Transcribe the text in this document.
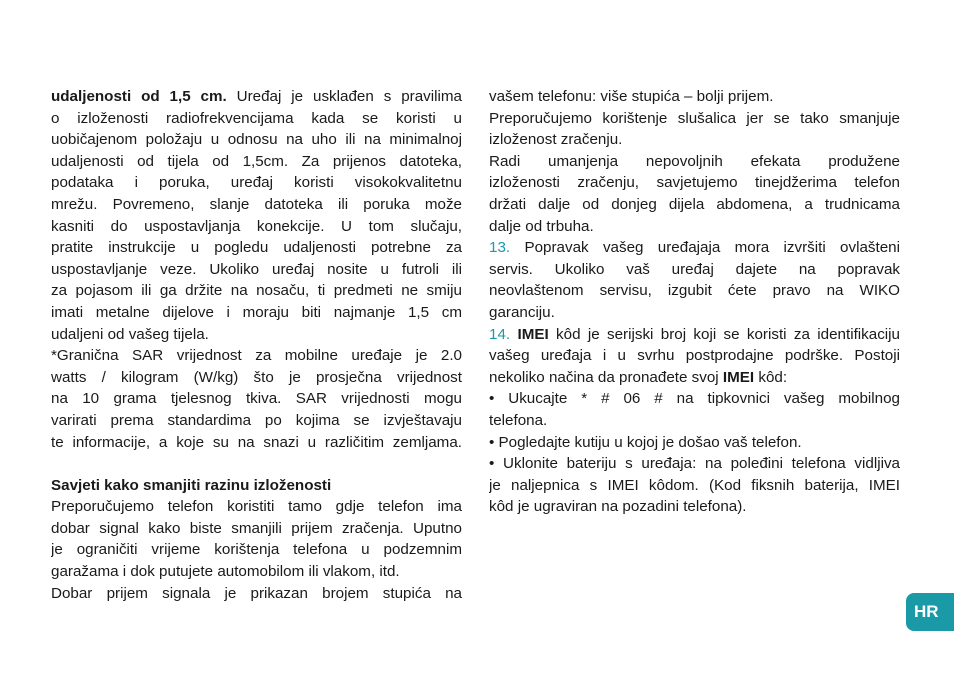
udaljenosti od 1,5 cm. Uređaj je usklađen s pravilima
o izloženosti radiofrekvencijama kada se koristi u
uobičajenom položaju u odnosu na uho ili na minimalnoj
udaljenosti od tijela od 1,5cm. Za prijenos datoteka,
podataka i poruka, uređaj koristi visokokvalitetnu
mrežu. Povremeno, slanje datoteka ili poruka može
kasniti do uspostavljanja konekcije. U tom slučaju,
pratite instrukcije u pogledu udaljenosti potrebne za
uspostavljanje veze. Ukoliko uređaj nosite u futroli ili
za pojasom ili ga držite na nosaču, ti predmeti ne smiju
imati metalne dijelove i moraju biti najmanje 1,5 cm
udaljeni od vašeg tijela.
*Granična SAR vrijednost za mobilne uređaje je 2.0
watts / kilogram (W/kg) što je prosječna vrijednost
na 10 grama tjelesnog tkiva. SAR vrijednosti mogu
varirati prema standardima po kojima se izvještavaju
te informacije, a koje su na snazi u različitim zemljama.
Savjeti kako smanjiti razinu izloženosti
Preporučujemo telefon koristiti tamo gdje telefon ima
dobar signal kako biste smanjili prijem zračenja. Uputno
je ograničiti vrijeme korištenja telefona u podzemnim
garažama i dok putujete automobilom ili vlakom, itd.
Dobar prijem signala je prikazan brojem stupića na
vašem telefonu: više stupića – bolji prijem.
Preporučujemo korištenje slušalica jer se tako smanjuje
izloženost zračenju.
Radi umanjenja nepovoljnih efekata produžene
izloženosti zračenju, savjetujemo tinejdžerima telefon
držati dalje od donjeg dijela abdomena, a trudnicama
dalje od trbuha.
13. Popravak vašeg uređajaja mora izvršiti ovlašteni
servis. Ukoliko vaš uređaj dajete na popravak
neovlaštenom servisu, izgubit ćete pravo na WIKO
garanciju.
14. IMEI kôd je serijski broj koji se koristi za identifikaciju
vašeg uređaja i u svrhu postprodajne podrške. Postoji
nekoliko načina da pronađete svoj IMEI kôd:
• Ukucajte * # 06 # na tipkovnici vašeg mobilnog
telefona.
• Pogledajte kutiju u kojoj je došao vaš telefon.
• Uklonite bateriju s uređaja: na poleđini telefona vidljiva
je naljepnica s IMEI kôdom. (Kod fiksnih baterija, IMEI
kôd je ugraviran na pozadini telefona).
HR
